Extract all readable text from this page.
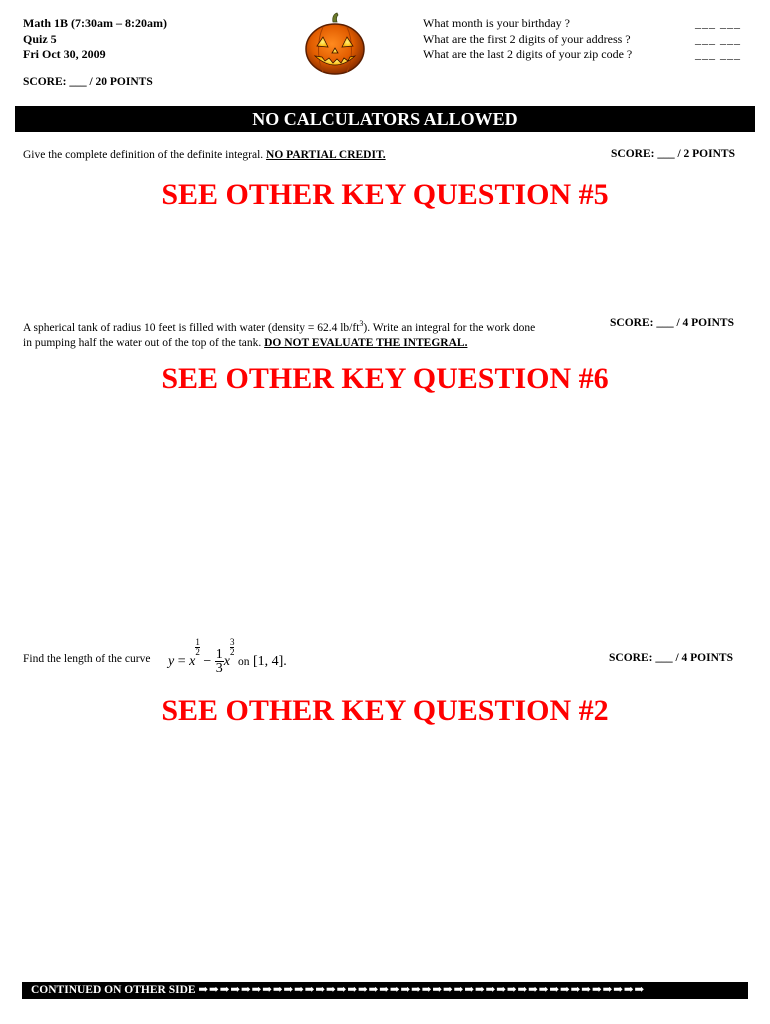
Math 1B (7:30am – 8:20am)
Quiz 5
Fri Oct 30, 2009
What month is your birthday ?
What are the first 2 digits of your address ?
What are the last 2 digits of your zip code ?
___ ___
___ ___
___ ___
SCORE: ___ / 20 POINTS
NO CALCULATORS ALLOWED
Give the complete definition of the definite integral. NO PARTIAL CREDIT.	SCORE: ___ / 2 POINTS
SEE OTHER KEY QUESTION #5
A spherical tank of radius 10 feet is filled with water (density = 62.4 $lb/ft^3$). Write an integral for the work done
in pumping half the water out of the top of the tank. DO NOT EVALUATE THE INTEGRAL.
SCORE: ___ / 4 POINTS
SEE OTHER KEY QUESTION #6
Find the length of the curve y = x
$\frac{1}{2} - \frac{1}{3}$ x
$\frac{3}{2}$ on [1, 4].	SCORE: ___ / 4 POINTS
SEE OTHER KEY QUESTION #2
CONTINUED ON OTHER SIDE ➡➡➡➡➡➡➡➡➡➡➡➡➡➡➡➡➡➡➡➡➡➡➡➡➡➡➡➡➡➡➡➡➡➡➡➡➡➡➡➡➡➡
